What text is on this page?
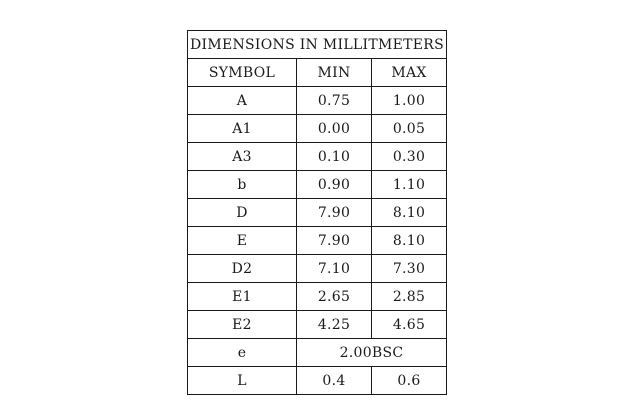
DIMENSIONS IN MILLITMETERS		
SYMBOL	MIN	MAX
A	0.75	1.00
A1	0.00	0.05
A3	0.10	0.30
b	0.90	1.10
D	7.90	8.10
E	7.90	8.10
D2	7.10	7.30
E1	2.65	2.85
E2	4.25	4.65
e	2.00BSC	
L	0.4	0.6
